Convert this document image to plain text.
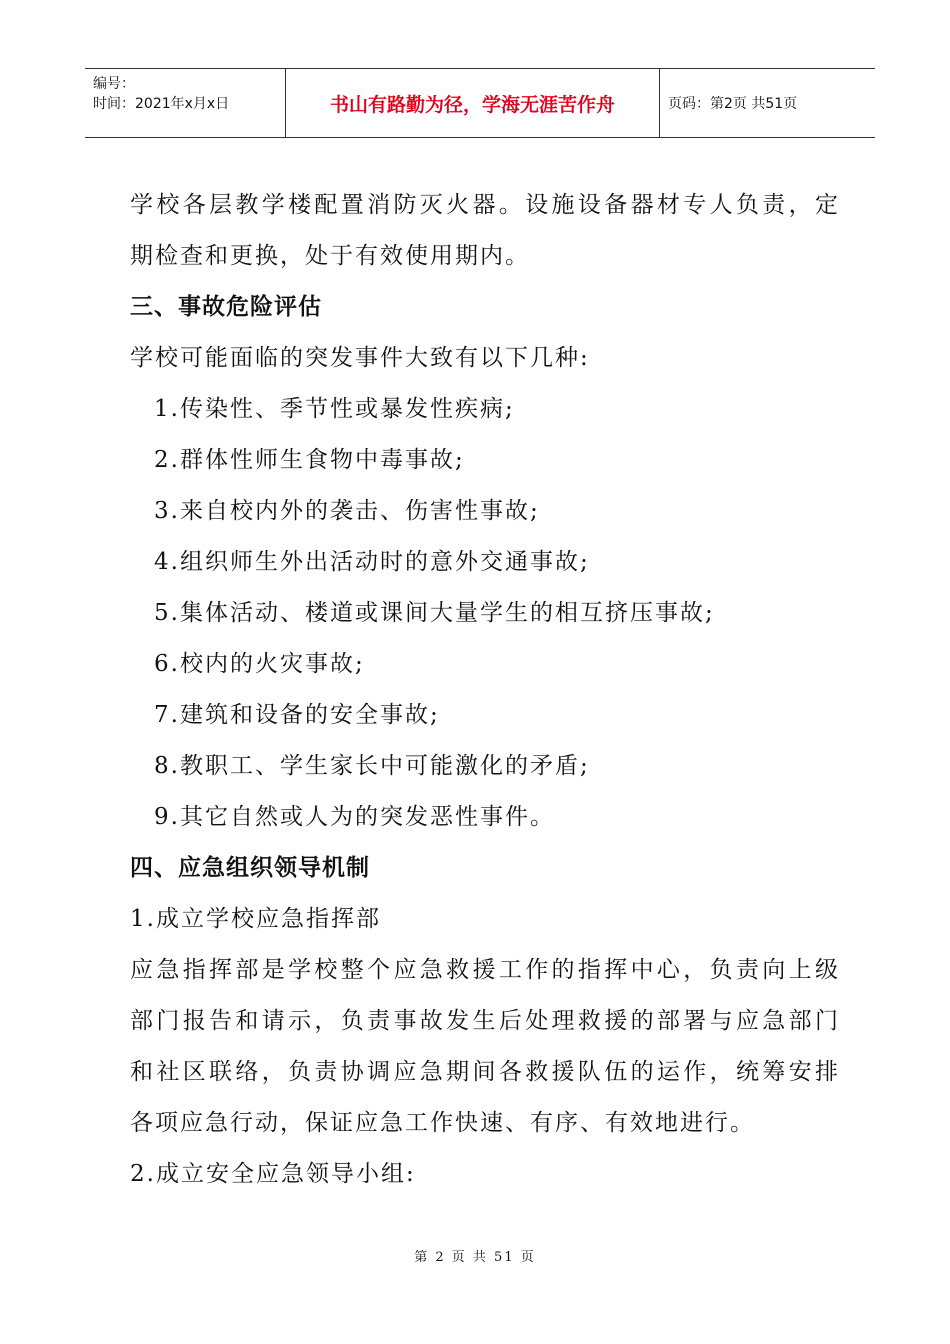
编号：
时间：2021年x月x日	书山有路勤为径，学海无涯苦作舟	页码：第2页 共51页
学校各层教学楼配置消防灭火器。设施设备器材专人负责，定
期检查和更换，处于有效使用期内。
三、事故危险评估
学校可能面临的突发事件大致有以下几种:
1.传染性、季节性或暴发性疾病;
2.群体性师生食物中毒事故;
3.来自校内外的袭击、伤害性事故;
4.组织师生外出活动时的意外交通事故;
5.集体活动、楼道或课间大量学生的相互挤压事故;
6.校内的火灾事故;
7.建筑和设备的安全事故;
8.教职工、学生家长中可能激化的矛盾;
9.其它自然或人为的突发恶性事件。
四、应急组织领导机制
1.成立学校应急指挥部
应急指挥部是学校整个应急救援工作的指挥中心，负责向上级
部门报告和请示，负责事故发生后处理救援的部署与应急部门
和社区联络，负责协调应急期间各救援队伍的运作，统筹安排
各项应急行动，保证应急工作快速、有序、有效地进行。
2.成立安全应急领导小组:
第 2 页 共 51 页
